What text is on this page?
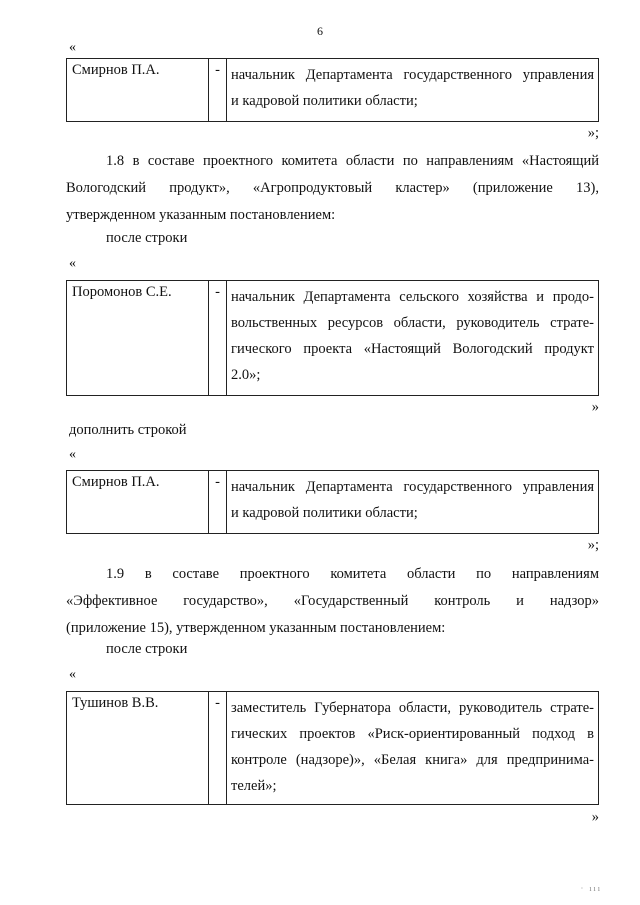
6
«
Смирнов П.А.	- начальник Департамента государственного управления
и кадровой политики области;
»;
1.8 в составе проектного комитета области по направлениям «Настоящий
Вологодский продукт», «Агропродуктовый кластер» (приложение 13),
утвержденном указанным постановлением:
после строки
«
Поромонов С.Е.	- начальник Департамента сельского хозяйства и продо-
вольственных ресурсов области, руководитель страте-
гического проекта «Настоящий Вологодский продукт
2.0»;
»
дополнить строкой
«
Смирнов П.А.	- начальник Департамента государственного управления
и кадровой политики области;
»;
1.9 в составе проектного комитета области по направлениям
«Эффективное государство», «Государственный контроль и надзор»
(приложение 15), утвержденном указанным постановлением:
после строки
«
Тушинов В.В.	- заместитель Губернатора области, руководитель страте-
гических проектов «Риск-ориентированный подход в
контроле (надзоре)», «Белая книга» для предпринима-
телей»;
»
· ııı
